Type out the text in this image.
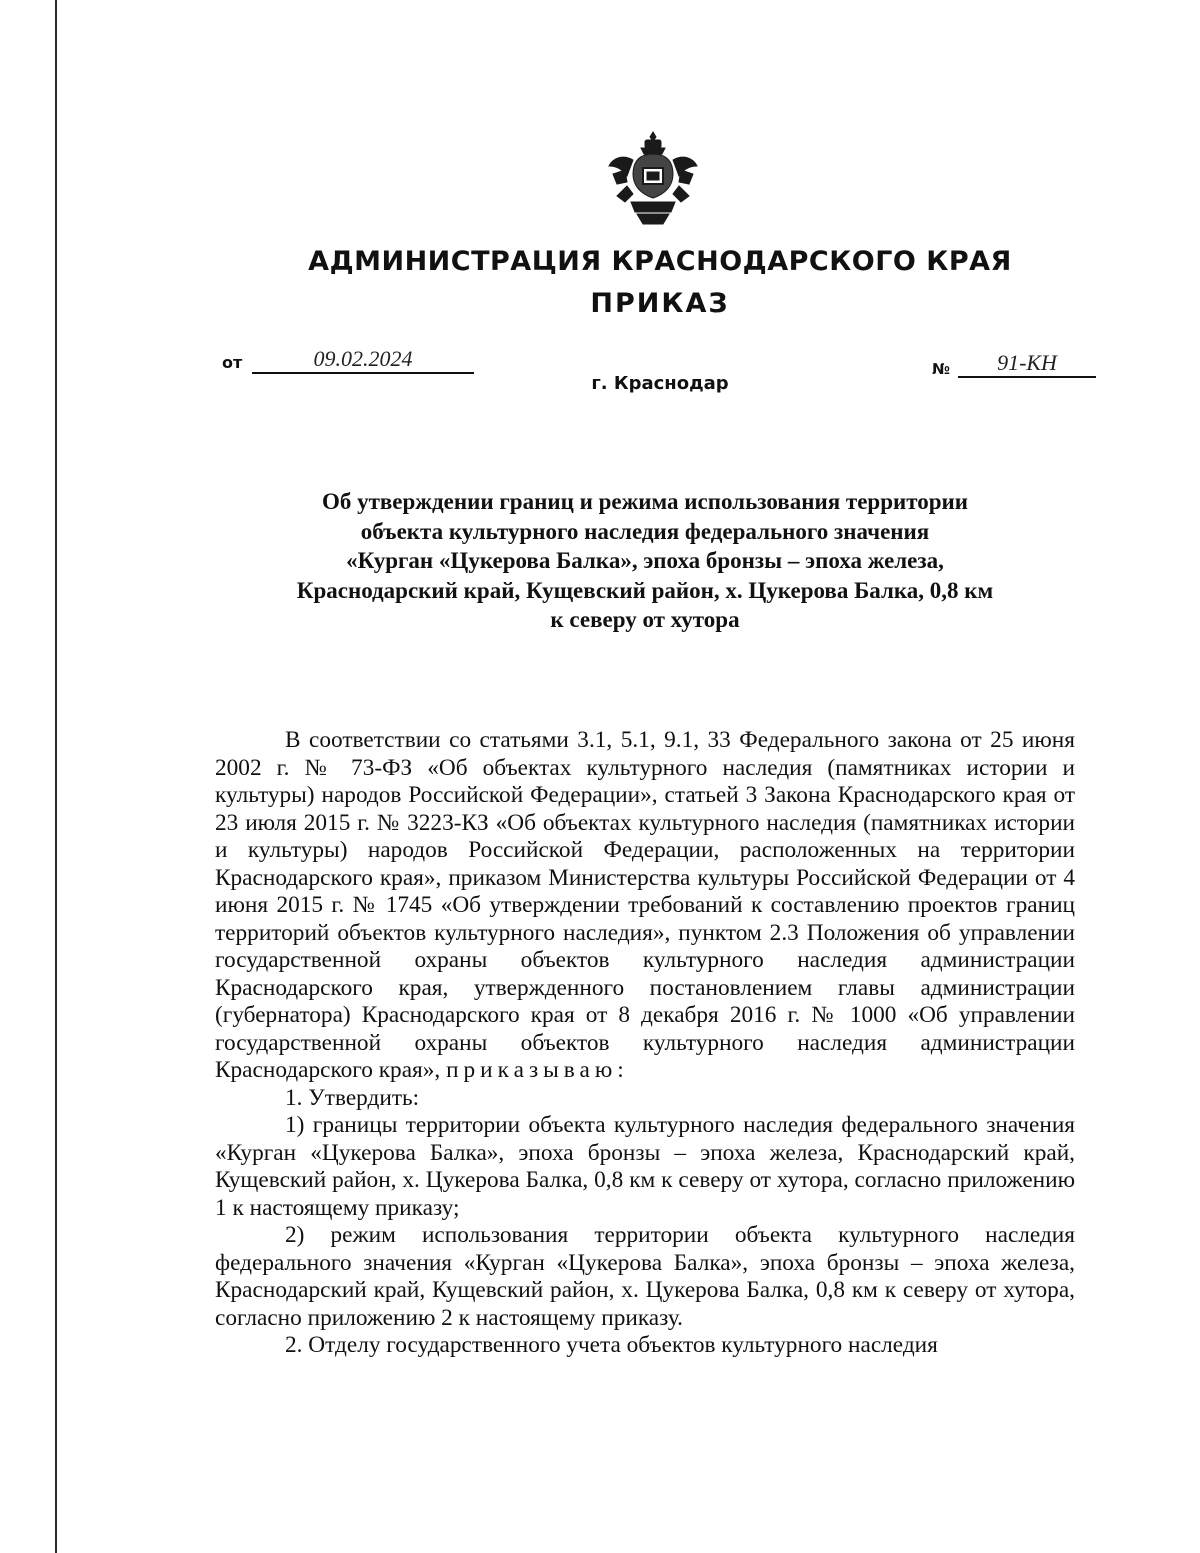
АДМИНИСТРАЦИЯ КРАСНОДАРСКОГО КРАЯ
ПРИКАЗ
от	09.02.2024
г. Краснодар
№	91-КН
Об утверждении границ и режима использования территории
объекта культурного наследия федерального значения
«Курган «Цукерова Балка», эпоха бронзы – эпоха железа,
Краснодарский край, Кущевский район, х. Цукерова Балка, 0,8 км
к северу от хутора

В соответствии со статьями 3.1, 5.1, 9.1, 33 Федерального закона от 25 июня 2002 г. № 73-ФЗ «Об объектах культурного наследия (памятниках истории и культуры) народов Российской Федерации», статьей 3 Закона Краснодарского края от 23 июля 2015 г. № 3223-КЗ «Об объектах культурного наследия (памятниках истории и культуры) народов Российской Федерации, расположенных на территории Краснодарского края», приказом Министерства культуры Российской Федерации от 4 июня 2015 г. № 1745 «Об утверждении требований к составлению проектов границ территорий объектов культурного наследия», пунктом 2.3 Положения об управлении государственной охраны объектов культурного наследия администрации Краснодарского края, утвержденного постановлением главы администрации (губернатора) Краснодарского края от 8 декабря 2016 г. № 1000 «Об управлении государственной охраны объектов культурного наследия администрации Краснодарского края», приказываю:

1. Утвердить:

1) границы территории объекта культурного наследия федерального значения «Курган «Цукерова Балка», эпоха бронзы – эпоха железа, Краснодарский край, Кущевский район, х. Цукерова Балка, 0,8 км к северу от хутора, согласно приложению 1 к настоящему приказу;

2) режим использования территории объекта культурного наследия федерального значения «Курган «Цукерова Балка», эпоха бронзы – эпоха железа, Краснодарский край, Кущевский район, х. Цукерова Балка, 0,8 км к северу от хутора, согласно приложению 2 к настоящему приказу.

2. Отделу государственного учета объектов культурного наследия
